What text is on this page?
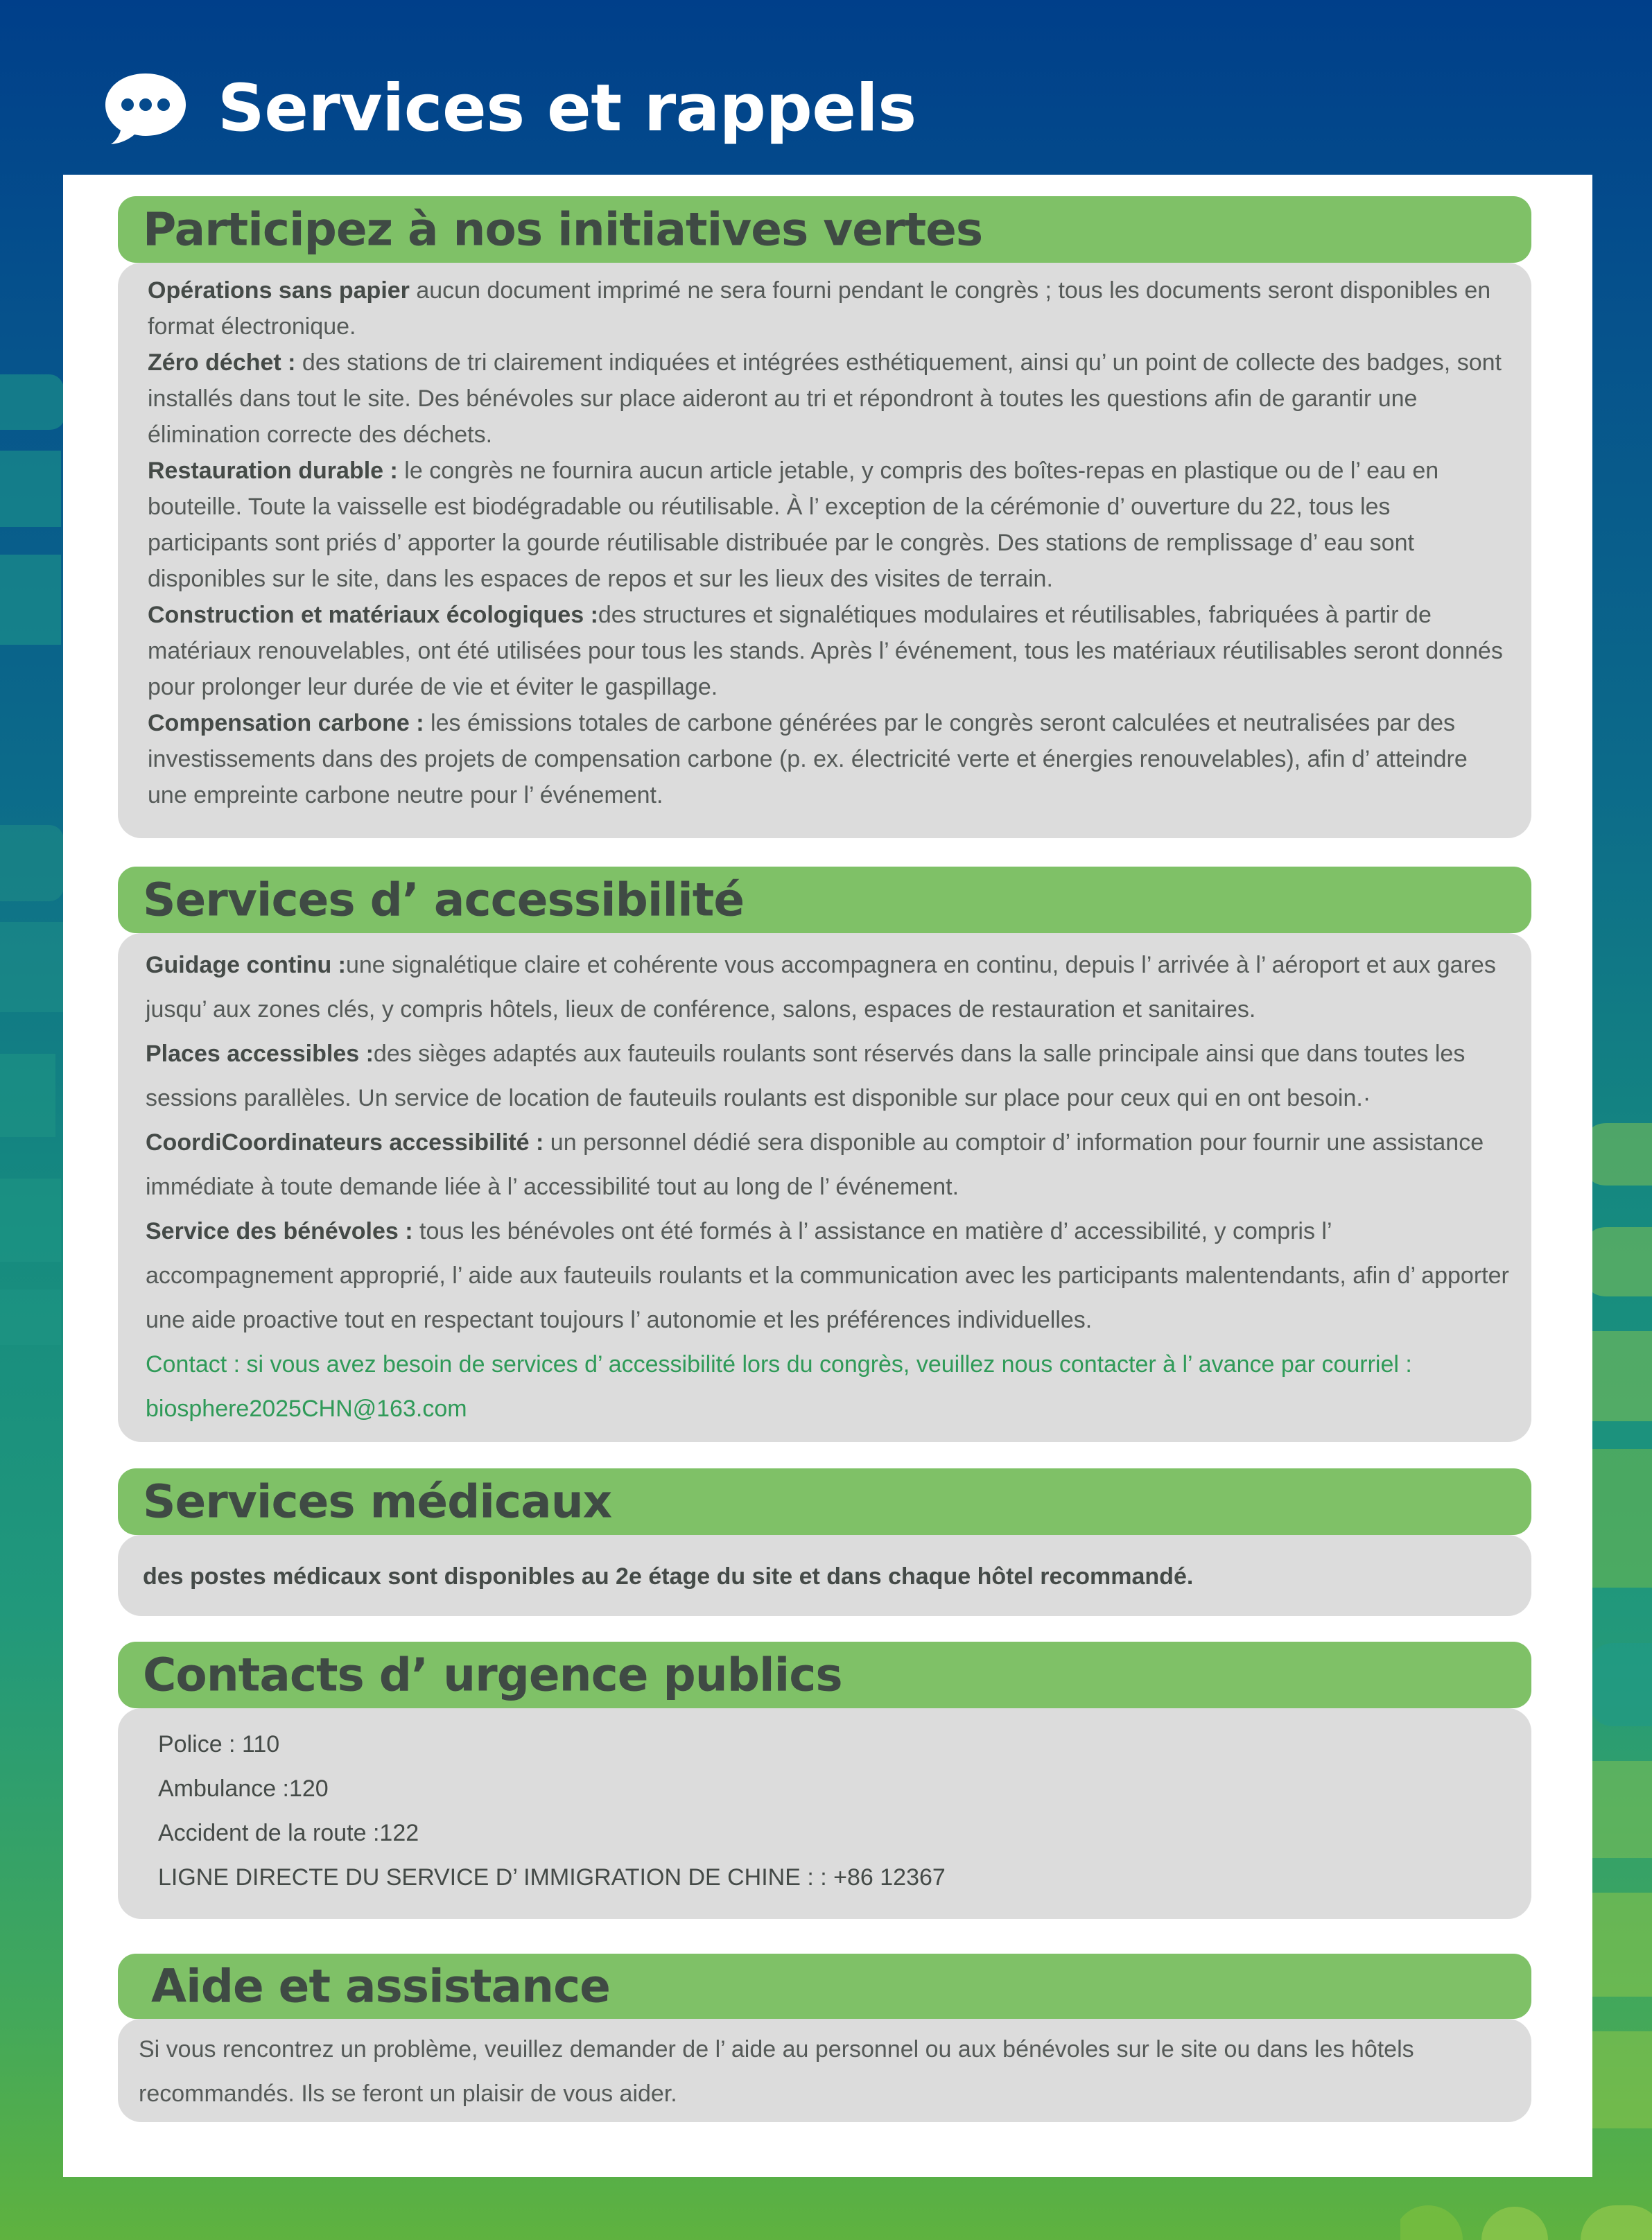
Services et rappels
Participez à nos initiatives vertes

Opérations sans papier aucun document imprimé ne sera fourni pendant le congrès ; tous les documents seront disponibles en format électronique.

Zéro déchet : des stations de tri clairement indiquées et intégrées esthétiquement, ainsi qu’ un point de collecte des badges, sont installés dans tout le site. Des bénévoles sur place aideront au tri et répondront à toutes les questions afin de garantir une élimination correcte des déchets.

Restauration durable : le congrès ne fournira aucun article jetable, y compris des boîtes-repas en plastique ou de l’ eau en bouteille. Toute la vaisselle est biodégradable ou réutilisable. À l’ exception de la cérémonie d’ ouverture du 22, tous les participants sont priés d’ apporter la gourde réutilisable distribuée par le congrès. Des stations de remplissage d’ eau sont disponibles sur le site, dans les espaces de repos et sur les lieux des visites de terrain.

Construction et matériaux écologiques :des structures et signalétiques modulaires et réutilisables, fabriquées à partir de matériaux renouvelables, ont été utilisées pour tous les stands. Après l’ événement, tous les matériaux réutilisables seront donnés pour prolonger leur durée de vie et éviter le gaspillage.

Compensation carbone : les émissions totales de carbone générées par le congrès seront calculées et neutralisées par des investissements dans des projets de compensation carbone (p. ex. électricité verte et énergies renouvelables), afin d’ atteindre une empreinte carbone neutre pour l’ événement.

Services d’ accessibilité

Guidage continu :une signalétique claire et cohérente vous accompagnera en continu, depuis l’ arrivée à l’ aéroport et aux gares jusqu’ aux zones clés, y compris hôtels, lieux de conférence, salons, espaces de restauration et sanitaires.

Places accessibles :des sièges adaptés aux fauteuils roulants sont réservés dans la salle principale ainsi que dans toutes les sessions parallèles. Un service de location de fauteuils roulants est disponible sur place pour ceux qui en ont besoin.· CoordiCoordinateurs accessibilité : un personnel dédié sera disponible au comptoir d’ information pour fournir une assistance immédiate à toute demande liée à l’ accessibilité tout au long de l’ événement.

Service des bénévoles : tous les bénévoles ont été formés à l’ assistance en matière d’ accessibilité, y compris l’ accompagnement approprié, l’ aide aux fauteuils roulants et la communication avec les participants malentendants, afin d’ apporter une aide proactive tout en respectant toujours l’ autonomie et les préférences individuelles.

Contact : si vous avez besoin de services d’ accessibilité lors du congrès, veuillez nous contacter à l’ avance par courriel : biosphere2025CHN@163.com

Services médicaux

des postes médicaux sont disponibles au 2e étage du site et dans chaque hôtel recommandé.

Contacts d’ urgence publics

Police : 110

Ambulance :120

Accident de la route :122

LIGNE DIRECTE DU SERVICE D’ IMMIGRATION DE CHINE : : +86 12367

Aide et assistance

Si vous rencontrez un problème, veuillez demander de l’ aide au personnel ou aux bénévoles sur le site ou dans les hôtels recommandés. Ils se feront un plaisir de vous aider.
